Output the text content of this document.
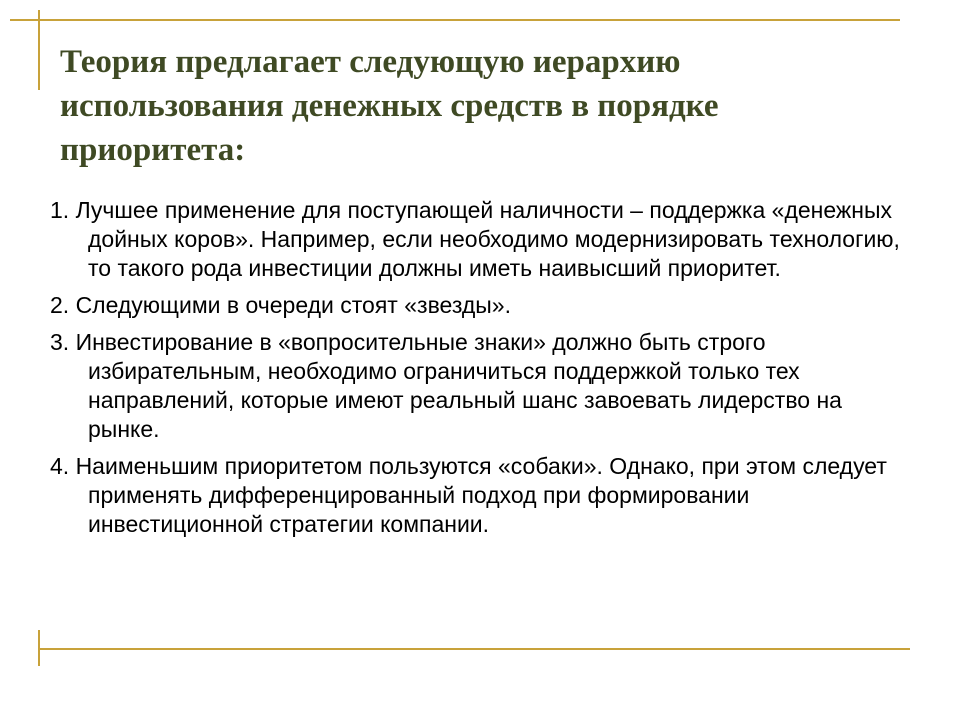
Теория предлагает следующую иерархию использования денежных средств в порядке приоритета:
1. Лучшее применение для поступающей наличности – поддержка «денежных дойных коров». Например, если необходимо модернизировать технологию, то такого рода инвестиции должны иметь наивысший приоритет.
2. Следующими в очереди стоят «звезды».
3. Инвестирование в «вопросительные знаки» должно быть строго избирательным, необходимо ограничиться поддержкой только тех направлений, которые имеют реальный шанс завоевать лидерство на рынке.
4. Наименьшим приоритетом пользуются «собаки». Однако, при этом следует применять дифференцированный подход при формировании инвестиционной стратегии компании.
